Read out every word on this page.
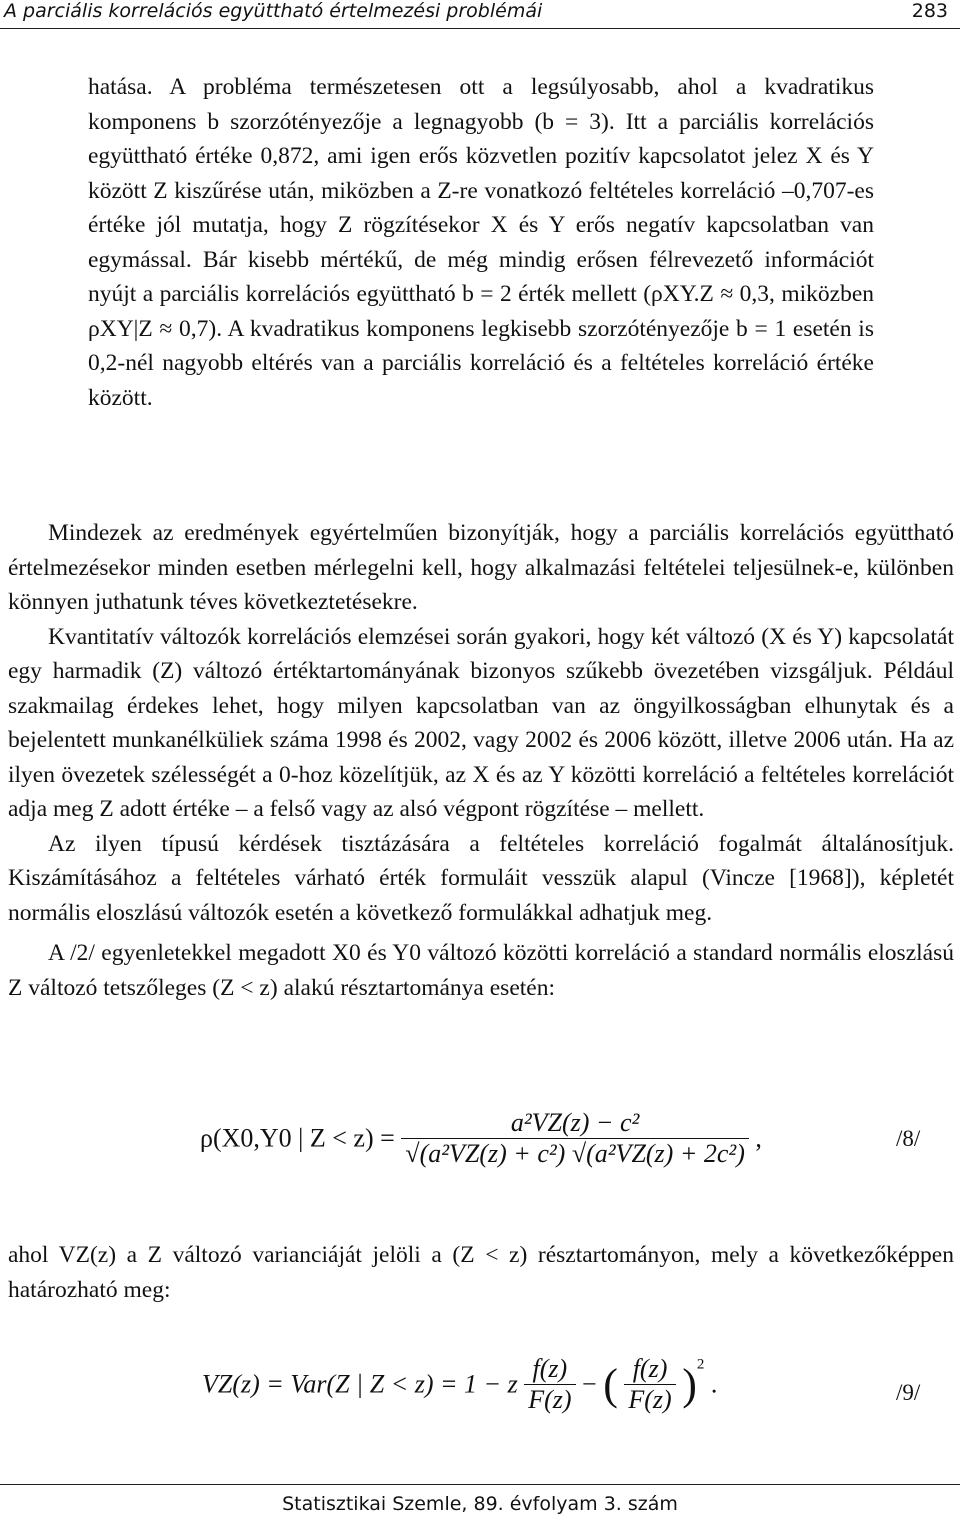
A parciális korrelációs együttható értelmezési problémái	283
hatása. A probléma természetesen ott a legsúlyosabb, ahol a kvadratikus komponens b szorzótényezője a legnagyobb (b = 3). Itt a parciális korrelációs együttható értéke 0,872, ami igen erős közvetlen pozitív kapcsolatot jelez X és Y között Z kiszűrése után, miközben a Z-re vonatkozó feltételes korreláció –0,707-es értéke jól mutatja, hogy Z rögzítésekor X és Y erős negatív kapcsolatban van egymással. Bár kisebb mértékű, de még mindig erősen félrevezető információt nyújt a parciális korrelációs együttható b = 2 érték mellett (ρXY.Z ≈ 0,3, miközben ρXY|Z ≈ 0,7). A kvadratikus komponens legkisebb szorzótényezője b = 1 esetén is 0,2-nél nagyobb eltérés van a parciális korreláció és a feltételes korreláció értéke között.

Mindezek az eredmények egyértelműen bizonyítják, hogy a parciális korrelációs együttható értelmezésekor minden esetben mérlegelni kell, hogy alkalmazási feltételei teljesülnek-e, különben könnyen juthatunk téves következtetésekre.

Kvantitatív változók korrelációs elemzései során gyakori, hogy két változó (X és Y) kapcsolatát egy harmadik (Z) változó értéktartományának bizonyos szűkebb övezetében vizsgáljuk. Például szakmailag érdekes lehet, hogy milyen kapcsolatban van az öngyilkosságban elhunytak és a bejelentett munkanélküliek száma 1998 és 2002, vagy 2002 és 2006 között, illetve 2006 után. Ha az ilyen övezetek szélességét a 0-hoz közelítjük, az X és az Y közötti korreláció a feltételes korrelációt adja meg Z adott értéke – a felső vagy az alsó végpont rögzítése – mellett.

Az ilyen típusú kérdések tisztázására a feltételes korreláció fogalmát általánosítjuk. Kiszámításához a feltételes várható érték formuláit vesszük alapul (Vincze [1968]), képletét normális eloszlású változók esetén a következő formulákkal adhatjuk meg.

A /2/ egyenletekkel megadott X0 és Y0 változó közötti korreláció a standard normális eloszlású Z változó tetszőleges (Z < z) alakú résztartománya esetén:

ρ(X0,Y0 | $Z < z) = \frac{\text{a²VZ(z) − c²}}{\text{√(a²VZ(z) + c²) √(a²VZ(z) + 2c²)}}$ ,	/8/
ahol VZ(z) a Z változó varianciáját jelöli a (Z < z) résztartományon, mely a következőképpen határozható meg:
VZ(z) = Var(Z | Z < z) = 1 − z $\frac{f(z)}{F(z)}$ − ( $\frac{f(z)}{F(z)} )^2$ .	/9/
Statisztikai Szemle, 89. évfolyam 3. szám
